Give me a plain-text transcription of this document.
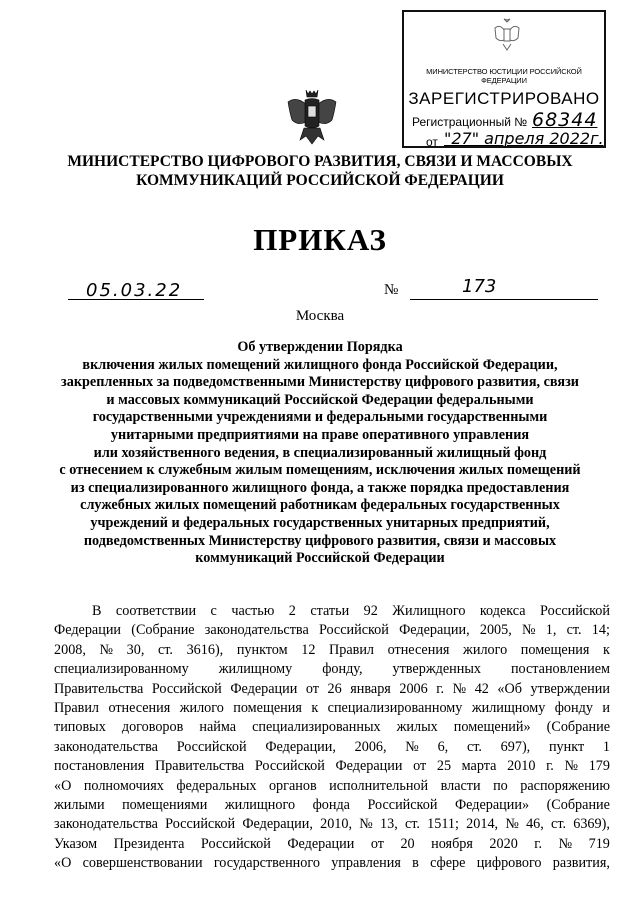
МИНИСТЕРСТВО ЮСТИЦИИ РОССИЙСКОЙ ФЕДЕРАЦИИ
ЗАРЕГИСТРИРОВАНО
Регистрационный № 68344
от "27" апреля 2022г.
МИНИСТЕРСТВО ЦИФРОВОГО РАЗВИТИЯ, СВЯЗИ И МАССОВЫХ
КОММУНИКАЦИЙ РОССИЙСКОЙ ФЕДЕРАЦИИ
ПРИКАЗ
05.03.22	№	173
Москва
Об утверждении Порядка
включения жилых помещений жилищного фонда Российской Федерации,
закрепленных за подведомственными Министерству цифрового развития, связи
и массовых коммуникаций Российской Федерации федеральными
государственными учреждениями и федеральными государственными
унитарными предприятиями на праве оперативного управления
или хозяйственного ведения, в специализированный жилищный фонд
с отнесением к служебным жилым помещениям, исключения жилых помещений
из специализированного жилищного фонда, а также порядка предоставления
служебных жилых помещений работникам федеральных государственных
учреждений и федеральных государственных унитарных предприятий,
подведомственных Министерству цифрового развития, связи и массовых
коммуникаций Российской Федерации
В соответствии с частью 2 статьи 92 Жилищного кодекса Российской
Федерации (Собрание законодательства Российской Федерации, 2005, № 1, ст. 14;
2008, № 30, ст. 3616), пунктом 12 Правил отнесения жилого помещения к
специализированному жилищному фонду, утвержденных постановлением
Правительства Российской Федерации от 26 января 2006 г. № 42 «Об утверждении
Правил отнесения жилого помещения к специализированному жилищному фонду и
типовых договоров найма специализированных жилых помещений» (Собрание
законодательства Российской Федерации, 2006, № 6, ст. 697), пункт 1
постановления Правительства Российской Федерации от 25 марта 2010 г. № 179
«О полномочиях федеральных органов исполнительной власти по распоряжению
жилыми помещениями жилищного фонда Российской Федерации» (Собрание
законодательства Российской Федерации, 2010, № 13, ст. 1511; 2014, № 46, ст. 6369),
Указом Президента Российской Федерации от 20 ноября 2020 г. № 719
«О совершенствовании государственного управления в сфере цифрового развития,
